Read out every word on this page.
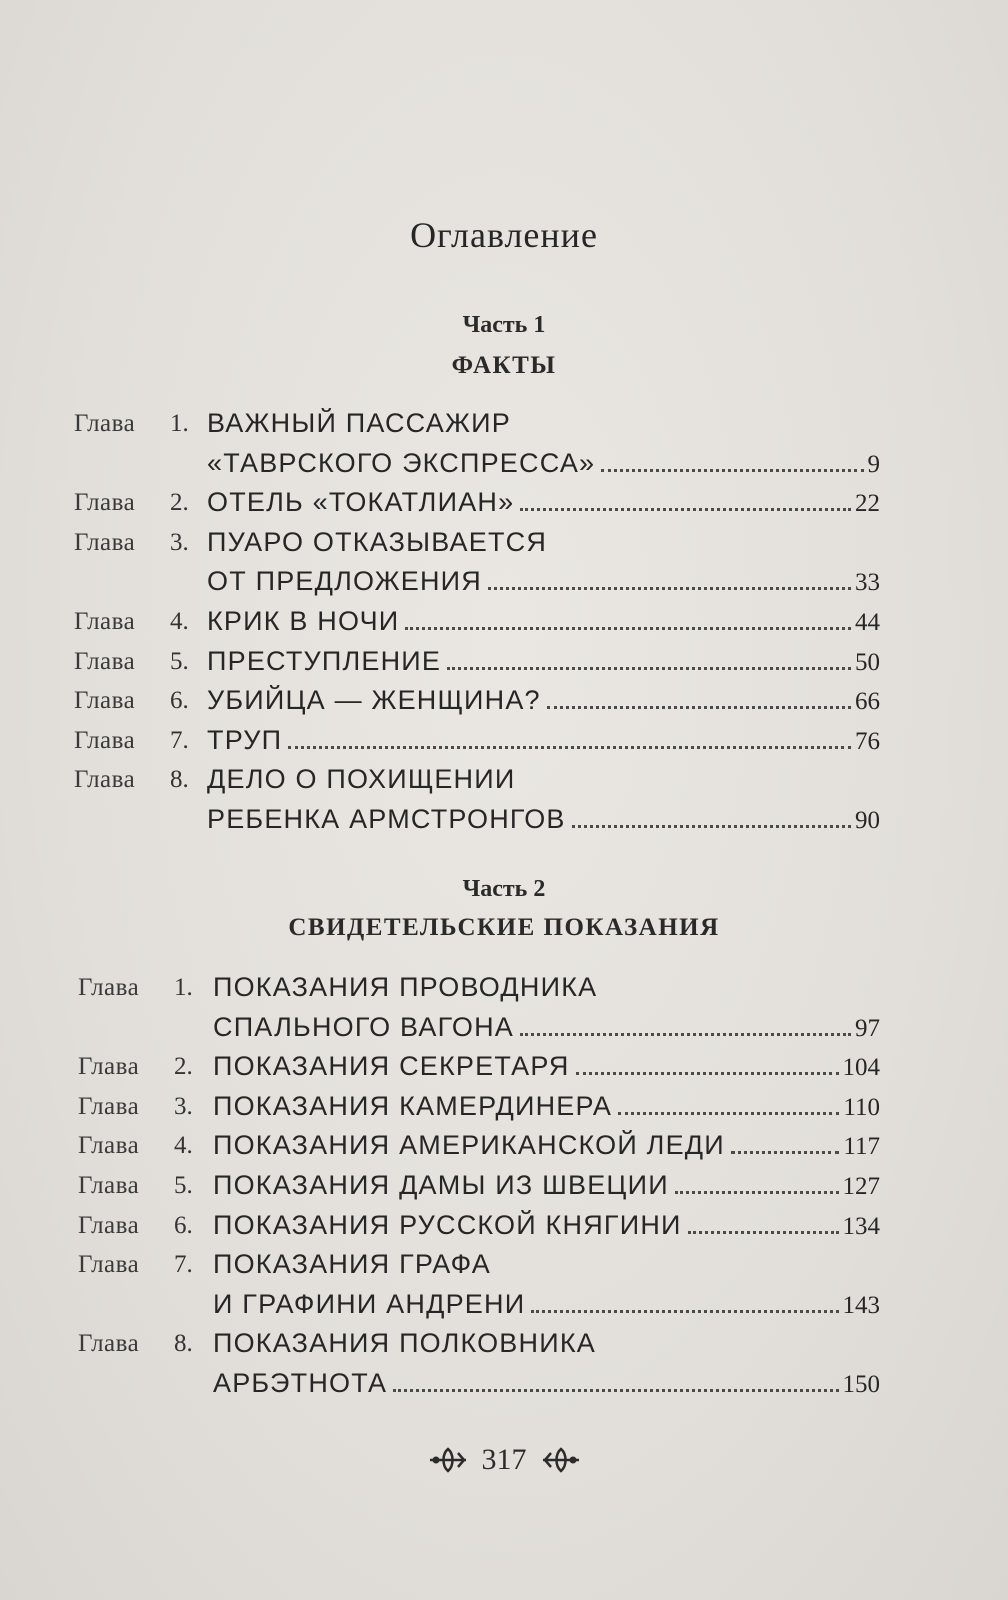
Оглавление
Часть 1
ФАКТЫ
Глава 1. ВАЖНЫЙ ПАССАЖИР
«ТАВРСКОГО ЭКСПРЕССА»	9
Глава 2. ОТЕЛЬ «ТОКАТЛИАН»	22
Глава 3. ПУАРО ОТКАЗЫВАЕТСЯ
ОТ ПРЕДЛОЖЕНИЯ	33
Глава 4. КРИК В НОЧИ	44
Глава 5. ПРЕСТУПЛЕНИЕ	50
Глава 6. УБИЙЦА — ЖЕНЩИНА?	66
Глава 7. ТРУП	76
Глава 8. ДЕЛО О ПОХИЩЕНИИ
РЕБЕНКА АРМСТРОНГОВ	90
Часть 2
СВИДЕТЕЛЬСКИЕ ПОКАЗАНИЯ
Глава 1. ПОКАЗАНИЯ ПРОВОДНИКА
СПАЛЬНОГО ВАГОНА	97
Глава 2. ПОКАЗАНИЯ СЕКРЕТАРЯ	104
Глава 3. ПОКАЗАНИЯ КАМЕРДИНЕРА	110
Глава 4. ПОКАЗАНИЯ АМЕРИКАНСКОЙ ЛЕДИ	117
Глава 5. ПОКАЗАНИЯ ДАМЫ ИЗ ШВЕЦИИ	127
Глава 6. ПОКАЗАНИЯ РУССКОЙ КНЯГИНИ	134
Глава 7. ПОКАЗАНИЯ ГРАФА
И ГРАФИНИ АНДРЕНИ	143
Глава 8. ПОКАЗАНИЯ ПОЛКОВНИКА
АРБЭТНОТА	150
317
